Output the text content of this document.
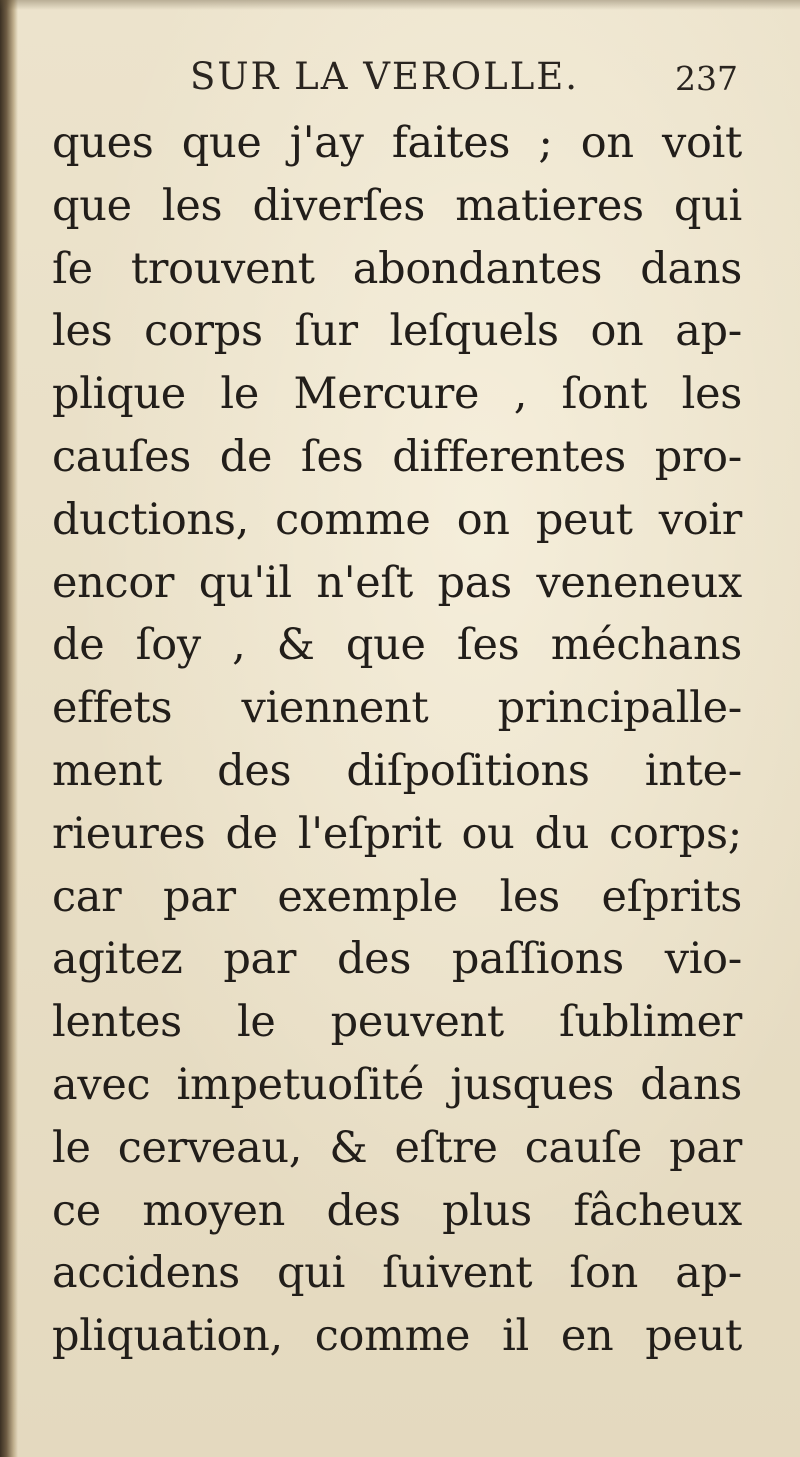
SUR LA VEROLLE.	237
ques que j'ay faites ; on voit
que les diverſes matieres qui
ſe trouvent abondantes dans
les corps ſur leſquels on ap-
plique le Mercure , ſont les
cauſes de ſes differentes pro-
ductions, comme on peut voir
encor qu'il n'eſt pas veneneux
de ſoy , & que ſes méchans
effets viennent principalle-
ment des diſpoſitions inte-
rieures de l'eſprit ou du corps;
car par exemple les eſprits
agitez par des paſſions vio-
lentes le peuvent ſublimer
avec impetuoſité jusques dans
le cerveau, & eſtre cauſe par
ce moyen des plus fâcheux
accidens qui ſuivent ſon ap-
pliquation, comme il en peut
